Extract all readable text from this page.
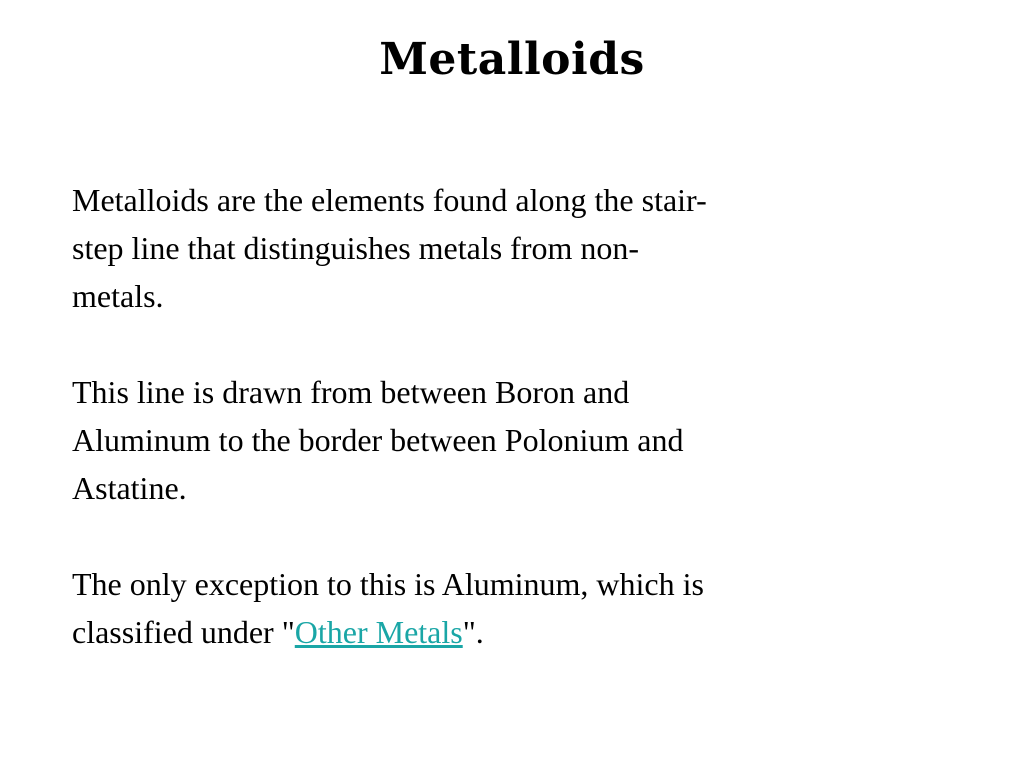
Metalloids

Metalloids are the elements found along the stair-
step line that distinguishes metals from non-
metals.

This line is drawn from between Boron and
Aluminum to the border between Polonium and
Astatine.

The only exception to this is Aluminum, which is
classified under "Other Metals".
